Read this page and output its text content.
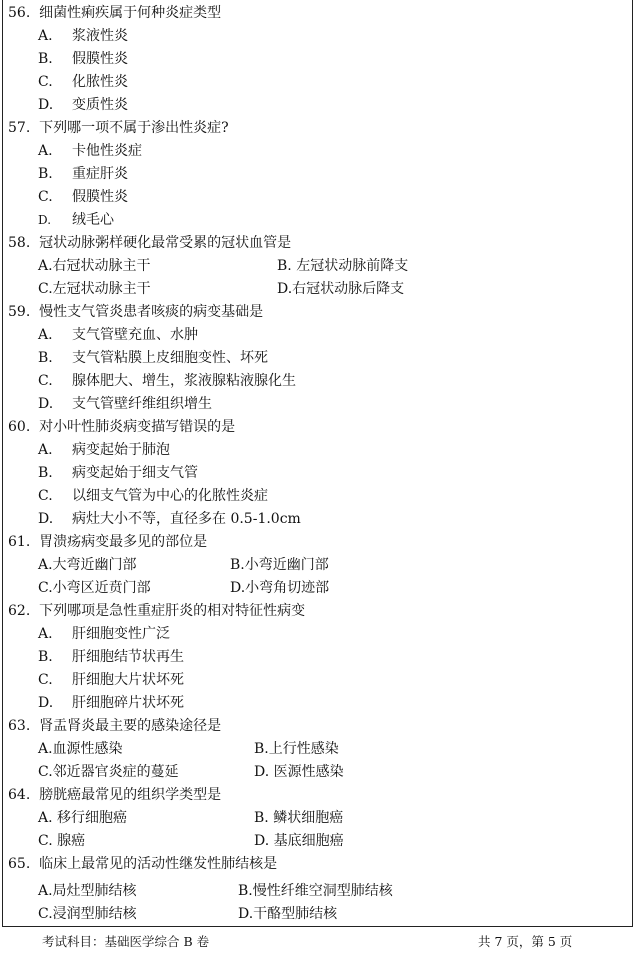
56. 细菌性痢疾属于何种炎症类型
A. 浆液性炎
B. 假膜性炎
C. 化脓性炎
D. 变质性炎
57. 下列哪一项不属于渗出性炎症?
A. 卡他性炎症
B. 重症肝炎
C. 假膜性炎
D. 绒毛心
58. 冠状动脉粥样硬化最常受累的冠状血管是
A.右冠状动脉主干	B. 左冠状动脉前降支
C.左冠状动脉主干	D.右冠状动脉后降支
59. 慢性支气管炎患者咳痰的病变基础是
A. 支气管壁充血、水肿
B. 支气管粘膜上皮细胞变性、坏死
C. 腺体肥大、增生，浆液腺粘液腺化生
D. 支气管壁纤维组织增生
60. 对小叶性肺炎病变描写错误的是
A. 病变起始于肺泡
B. 病变起始于细支气管
C. 以细支气管为中心的化脓性炎症
D. 病灶大小不等，直径多在 0.5-1.0cm
61. 胃溃疡病变最多见的部位是
A.大弯近幽门部	B.小弯近幽门部
C.小弯区近贲门部	D.小弯角切迹部
62. 下列哪项是急性重症肝炎的相对特征性病变
A. 肝细胞变性广泛
B. 肝细胞结节状再生
C. 肝细胞大片状坏死
D. 肝细胞碎片状坏死
63. 肾盂肾炎最主要的感染途径是
A.血源性感染	B.上行性感染
C.邻近器官炎症的蔓延	D. 医源性感染
64. 膀胱癌最常见的组织学类型是
A. 移行细胞癌	B. 鳞状细胞癌
C. 腺癌	D. 基底细胞癌
65. 临床上最常见的活动性继发性肺结核是
A.局灶型肺结核	B.慢性纤维空洞型肺结核
C.浸润型肺结核	D.干酪型肺结核
考试科目：基础医学综合 B 卷	共 7 页，第 5 页
